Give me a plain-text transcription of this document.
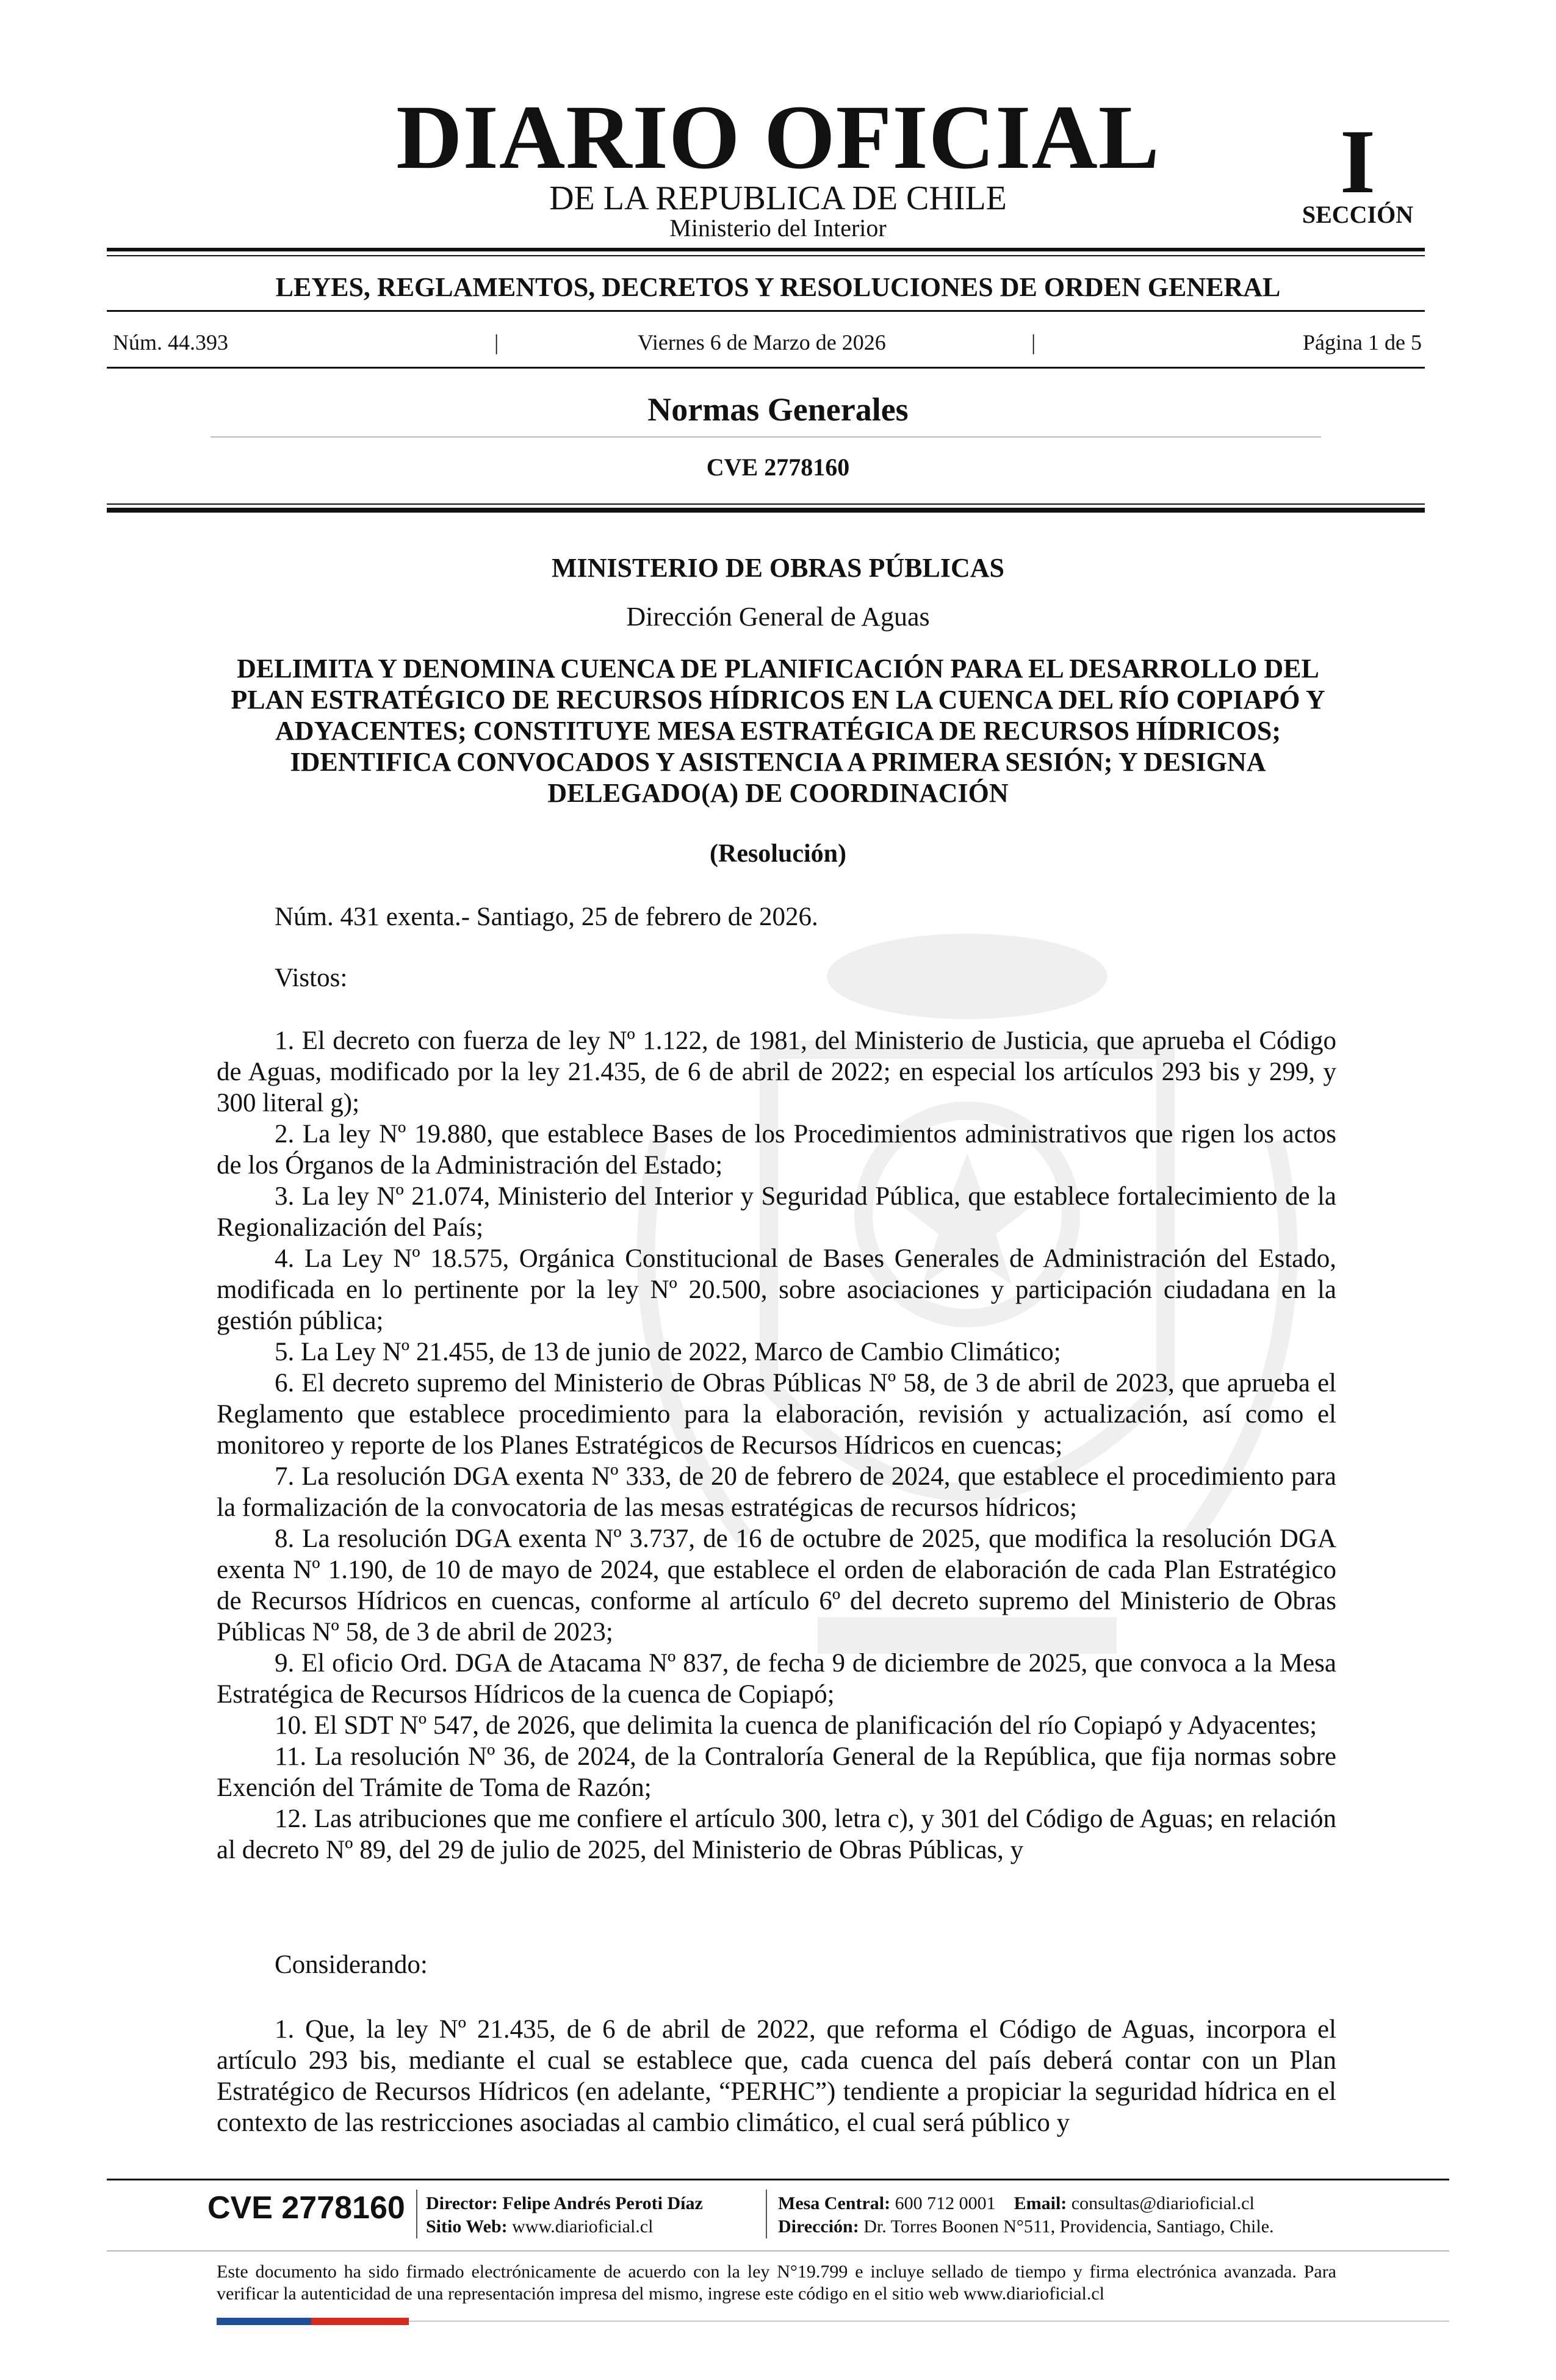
DIARIO OFICIAL
DE LA REPUBLICA DE CHILE
Ministerio del Interior
I
SECCIÓN
LEYES, REGLAMENTOS, DECRETOS Y RESOLUCIONES DE ORDEN GENERAL
Núm. 44.393	|	Viernes 6 de Marzo de 2026	|	Página 1 de 5
Normas Generales
CVE 2778160
MINISTERIO DE OBRAS PÚBLICAS
Dirección General de Aguas
DELIMITA Y DENOMINA CUENCA DE PLANIFICACIÓN PARA EL DESARROLLO DEL PLAN ESTRATÉGICO DE RECURSOS HÍDRICOS EN LA CUENCA DEL RÍO COPIAPÓ Y ADYACENTES; CONSTITUYE MESA ESTRATÉGICA DE RECURSOS HÍDRICOS; IDENTIFICA CONVOCADOS Y ASISTENCIA A PRIMERA SESIÓN; Y DESIGNA DELEGADO(A) DE COORDINACIÓN
(Resolución)
Núm. 431 exenta.- Santiago, 25 de febrero de 2026.
Vistos:

1. El decreto con fuerza de ley Nº 1.122, de 1981, del Ministerio de Justicia, que aprueba el Código de Aguas, modificado por la ley 21.435, de 6 de abril de 2022; en especial los artículos 293 bis y 299, y 300 literal g);

2. La ley Nº 19.880, que establece Bases de los Procedimientos administrativos que rigen los actos de los Órganos de la Administración del Estado;

3. La ley Nº 21.074, Ministerio del Interior y Seguridad Pública, que establece fortalecimiento de la Regionalización del País;

4. La Ley Nº 18.575, Orgánica Constitucional de Bases Generales de Administración del Estado, modificada en lo pertinente por la ley Nº 20.500, sobre asociaciones y participación ciudadana en la gestión pública;

5. La Ley Nº 21.455, de 13 de junio de 2022, Marco de Cambio Climático;

6. El decreto supremo del Ministerio de Obras Públicas Nº 58, de 3 de abril de 2023, que aprueba el Reglamento que establece procedimiento para la elaboración, revisión y actualización, así como el monitoreo y reporte de los Planes Estratégicos de Recursos Hídricos en cuencas;

7. La resolución DGA exenta Nº 333, de 20 de febrero de 2024, que establece el procedimiento para la formalización de la convocatoria de las mesas estratégicas de recursos hídricos;

8. La resolución DGA exenta Nº 3.737, de 16 de octubre de 2025, que modifica la resolución DGA exenta Nº 1.190, de 10 de mayo de 2024, que establece el orden de elaboración de cada Plan Estratégico de Recursos Hídricos en cuencas, conforme al artículo 6º del decreto supremo del Ministerio de Obras Públicas Nº 58, de 3 de abril de 2023;

9. El oficio Ord. DGA de Atacama Nº 837, de fecha 9 de diciembre de 2025, que convoca a la Mesa Estratégica de Recursos Hídricos de la cuenca de Copiapó;

10. El SDT Nº 547, de 2026, que delimita la cuenca de planificación del río Copiapó y Adyacentes;

11. La resolución Nº 36, de 2024, de la Contraloría General de la República, que fija normas sobre Exención del Trámite de Toma de Razón;

12. Las atribuciones que me confiere el artículo 300, letra c), y 301 del Código de Aguas; en relación al decreto Nº 89, del 29 de julio de 2025, del Ministerio de Obras Públicas, y

Considerando:

1. Que, la ley Nº 21.435, de 6 de abril de 2022, que reforma el Código de Aguas, incorpora el artículo 293 bis, mediante el cual se establece que, cada cuenca del país deberá contar con un Plan Estratégico de Recursos Hídricos (en adelante, “PERHC”) tendiente a propiciar la seguridad hídrica en el contexto de las restricciones asociadas al cambio climático, el cual será público y

CVE 2778160 Director: Felipe Andrés Peroti Díaz
Sitio Web: www.diarioficial.cl
Mesa Central: 600 712 0001 Email: consultas@diarioficial.cl
Dirección: Dr. Torres Boonen N°511, Providencia, Santiago, Chile.
Este documento ha sido firmado electrónicamente de acuerdo con la ley N°19.799 e incluye sellado de tiempo y firma electrónica avanzada. Para verificar la autenticidad de una representación impresa del mismo, ingrese este código en el sitio web www.diarioficial.cl
